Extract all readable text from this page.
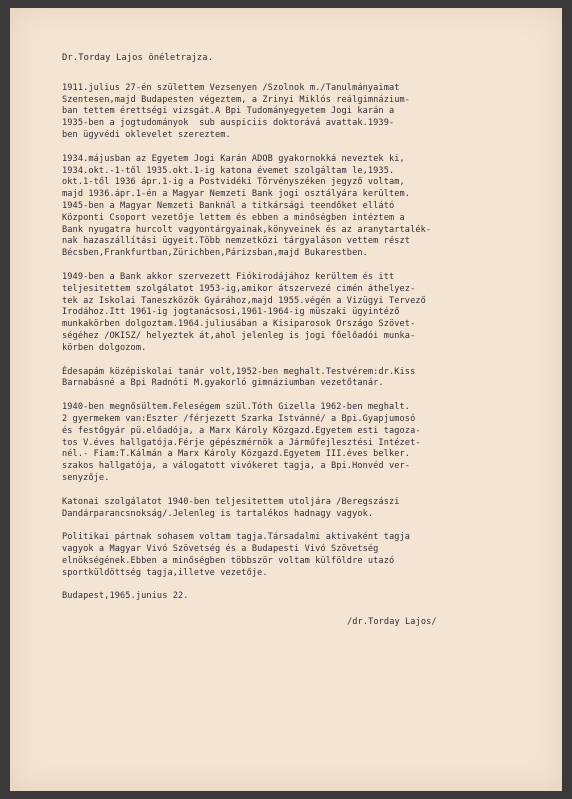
Dr.Torday Lajos önéletrajza.
1911.julius 27-én születtem Vezsenyen /Szolnok m./Tanulmányaimat
Szentesen,majd Budapesten végeztem, a Zrinyi Miklós reálgimnázium-
ban tettem érettségi vizsgát.A Bpi Tudományegyetem Jogi karán a
1935-ben a jogtudományok  sub auspiciis doktorává avattak.1939-
ben ügyvédi oklevelet szereztem.
1934.májusban az Egyetem Jogi Karán ADOB gyakornokká neveztek ki,
1934.okt.-1-től 1935.okt.1-ig katona évemet szolgáltam le,1935.
okt.1-től 1936 ápr.1-ig a Postvidéki Törvényszéken jegyző voltam,
majd 1936.ápr.1-én a Magyar Nemzeti Bank jogi osztályára kerültem.
1945-ben a Magyar Nemzeti Banknál a titkársági teendőket ellátó
Központi Csoport vezetője lettem és ebben a minőségben intéztem a
Bank nyugatra hurcolt vagyontárgyainak,könyveinek és az aranytartalék-
nak hazaszállítási ügyeit.Több nemzetközi tárgyaláson vettem részt
Bécsben,Frankfurtban,Zürichben,Párizsban,majd Bukarestben.
1949-ben a Bank akkor szervezett Fiókirodájához kerültem és itt
teljesitettem szolgálatot 1953-ig,amikor átszervezé cimén áthelyez-
tek az Iskolai Taneszközök Gyárához,majd 1955.végén a Vizügyi Tervező
Irodához.Itt 1961-ig jogtanácsosi,1961-1964-ig müszaki ügyintéző
munkakörben dolgoztam.1964.juliusában a Kisiparosok Országo Szövet-
ségéhez /OKISZ/ helyeztek át,ahol jelenleg is jogi főelőadói munka-
körben dolgozom.
Édesapám középiskolai tanár volt,1952-ben meghalt.Testvérem:dr.Kiss
Barnabásné a Bpi Radnóti M.gyakorló gimnáziumban vezetőtanár.
1940-ben megnősültem.Feleségem szül.Tóth Gizella 1962-ben meghalt.
2 gyermekem van:Eszter /férjezett Szarka Istvánné/ a Bpi.Gyapjumosó
és festőgyár pü.előadója, a Marx Károly Közgazd.Egyetem esti tagoza-
tos V.éves hallgatója.Férje gépészmérnök a Járműfejlesztési Intézet-
nél.- Fiam:T.Kálmán a Marx Károly Közgazd.Egyetem III.éves belker.
szakos hallgatója, a válogatott vivókeret tagja, a Bpi.Honvéd ver-
senyzője.
Katonai szolgálatot 1940-ben teljesitettem utoljára /Beregszászi
Dandárparancsnokság/.Jelenleg is tartalékos hadnagy vagyok.
Politikai pártnak sohasem voltam tagja.Társadalmi aktivaként tagja
vagyok a Magyar Vivó Szövetség és a Budapesti Vivó Szövetség
elnökségének.Ebben a minőségben többször voltam külföldre utazó
sportküldöttség tagja,illetve vezetője.
Budapest,1965.junius 22.
/dr.Torday Lajos/
